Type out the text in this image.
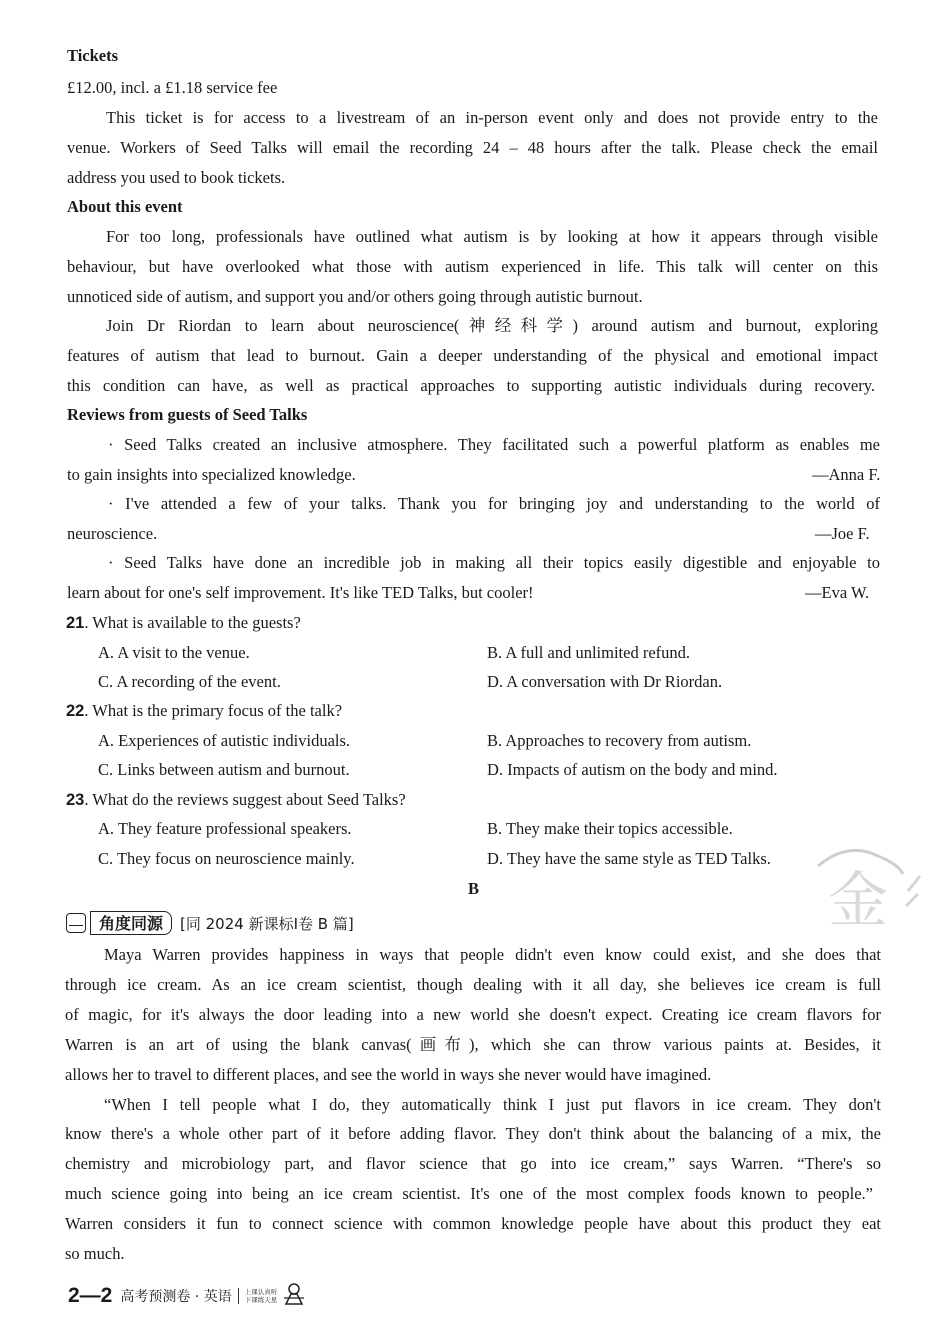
Tickets
£12.00, incl. a £1.18 service fee
This ticket is for access to a livestream of an in-person event only and does not provide entry to the
venue. Workers of Seed Talks will email the recording 24 – 48 hours after the talk. Please check the email
address you used to book tickets.
About this event
For too long, professionals have outlined what autism is by looking at how it appears through visible
behaviour, but have overlooked what those with autism experienced in life. This talk will center on this
unnoticed side of autism, and support you and/or others going through autistic burnout.
Join Dr Riordan to learn about neuroscience(神经科学) around autism and burnout, exploring
features of autism that lead to burnout. Gain a deeper understanding of the physical and emotional impact
this condition can have, as well as practical approaches to supporting autistic individuals during recovery.
Reviews from guests of Seed Talks
· Seed Talks created an inclusive atmosphere. They facilitated such a powerful platform as enables me
to gain insights into specialized knowledge.	—Anna F.
· I've attended a few of your talks. Thank you for bringing joy and understanding to the world of
neuroscience.	—Joe F.
· Seed Talks have done an incredible job in making all their topics easily digestible and enjoyable to
learn about for one's self improvement. It's like TED Talks, but cooler!	—Eva W.
21. What is available to the guests?
A. A visit to the venue.	B. A full and unlimited refund.
C. A recording of the event.	D. A conversation with Dr Riordan.
22. What is the primary focus of the talk?
A. Experiences of autistic individuals.	B. Approaches to recovery from autism.
C. Links between autism and burnout.	D. Impacts of autism on the body and mind.
23. What do the reviews suggest about Seed Talks?
A. They feature professional speakers.	B. They make their topics accessible.
C. They focus on neuroscience mainly.	D. They have the same style as TED Talks.
金
B
角度同源	[同 2024 新课标Ⅰ卷 B 篇]
Maya Warren provides happiness in ways that people didn't even know could exist, and she does that
through ice cream. As an ice cream scientist, though dealing with it all day, she believes ice cream is full
of magic, for it's always the door leading into a new world she doesn't expect. Creating ice cream flavors for
Warren is an art of using the blank canvas(画布), which she can throw various paints at. Besides, it
allows her to travel to different places, and see the world in ways she never would have imagined.
“When I tell people what I do, they automatically think I just put flavors in ice cream. They don't
know there's a whole other part of it before adding flavor. They don't think about the balancing of a mix, the
chemistry and microbiology part, and flavor science that go into ice cream,” says Warren. “There's so
much science going into being an ice cream scientist. It's one of the most complex foods known to people.”
Warren considers it fun to connect science with common knowledge people have about this product they eat
so much.
2—2 高考预测卷 · 英语 上课认真听
下课练天星
